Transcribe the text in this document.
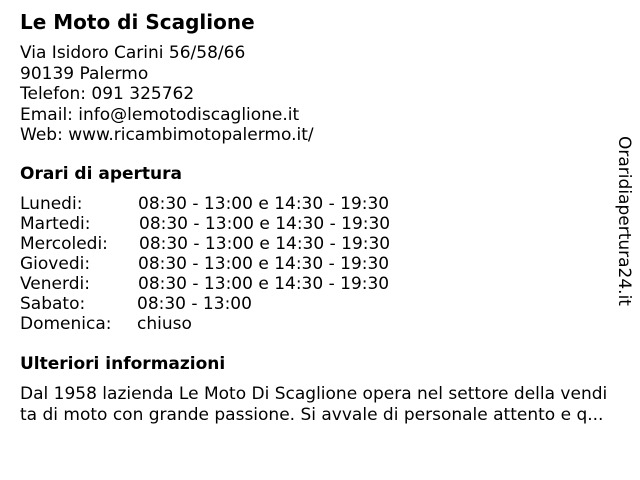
Le Moto di Scaglione
Via Isidoro Carini 56/58/66
90139 Palermo
Telefon: 091 325762
Email: info@lemotodiscaglione.it
Web: www.ricambimotopalermo.it/
Orari di apertura
Lunedi:	08:30 - 13:00 e 14:30 - 19:30
Martedi:	08:30 - 13:00 e 14:30 - 19:30
Mercoledi: 08:30 - 13:00 e 14:30 - 19:30
Giovedi:	08:30 - 13:00 e 14:30 - 19:30
Venerdi:	08:30 - 13:00 e 14:30 - 19:30
Sabato:	08:30 - 13:00
Domenica: chiuso
Ulteriori informazioni
Dal 1958 lazienda Le Moto Di Scaglione opera nel settore della vendi
ta di moto con grande passione. Si avvale di personale attento e q...
Oraridiapertura24.it
